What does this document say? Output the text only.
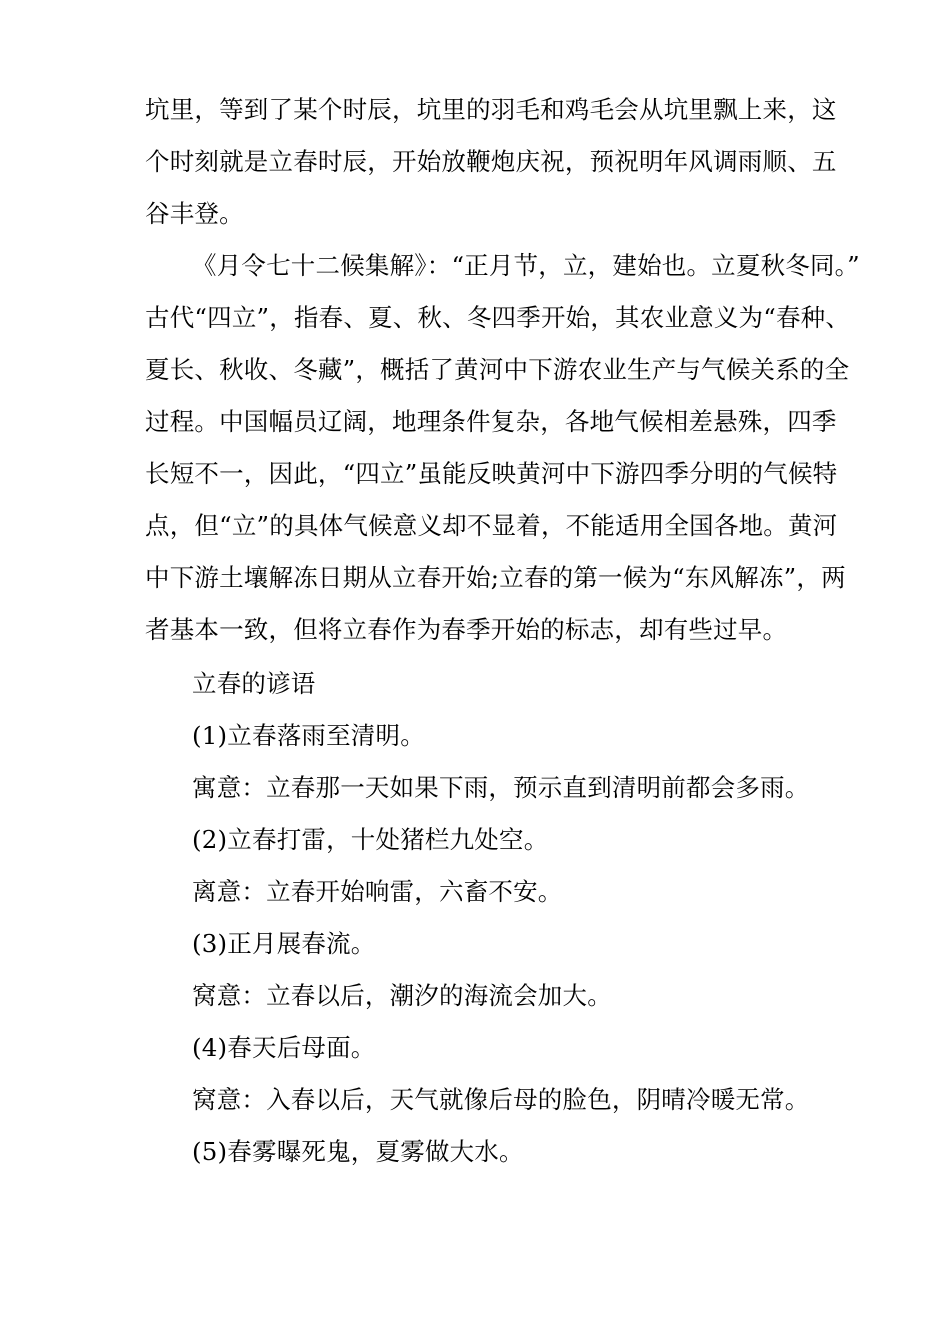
坑里，等到了某个时辰，坑里的羽毛和鸡毛会从坑里飘上来，这
个时刻就是立春时辰，开始放鞭炮庆祝，预祝明年风调雨顺、五
谷丰登。
《月令七十二候集解》：“正月节，立，建始也。立夏秋冬同。”
古代“四立”，指春、夏、秋、冬四季开始，其农业意义为“春种、
夏长、秋收、冬藏”，概括了黄河中下游农业生产与气候关系的全
过程。中国幅员辽阔，地理条件复杂，各地气候相差悬殊，四季
长短不一，因此，“四立”虽能反映黄河中下游四季分明的气候特
点，但“立”的具体气候意义却不显着，不能适用全国各地。黄河
中下游土壤解冻日期从立春开始;立春的第一候为“东风解冻”，两
者基本一致，但将立春作为春季开始的标志，却有些过早。
立春的谚语
(1)立春落雨至清明。
寓意：立春那一天如果下雨，预示直到清明前都会多雨。
(2)立春打雷，十处猪栏九处空。
离意：立春开始响雷，六畜不安。
(3)正月展春流。
窝意：立春以后，潮汐的海流会加大。
(4)春天后母面。
窝意：入春以后，天气就像后母的脸色，阴晴冷暖无常。
(5)春雾曝死鬼，夏雾做大水。
